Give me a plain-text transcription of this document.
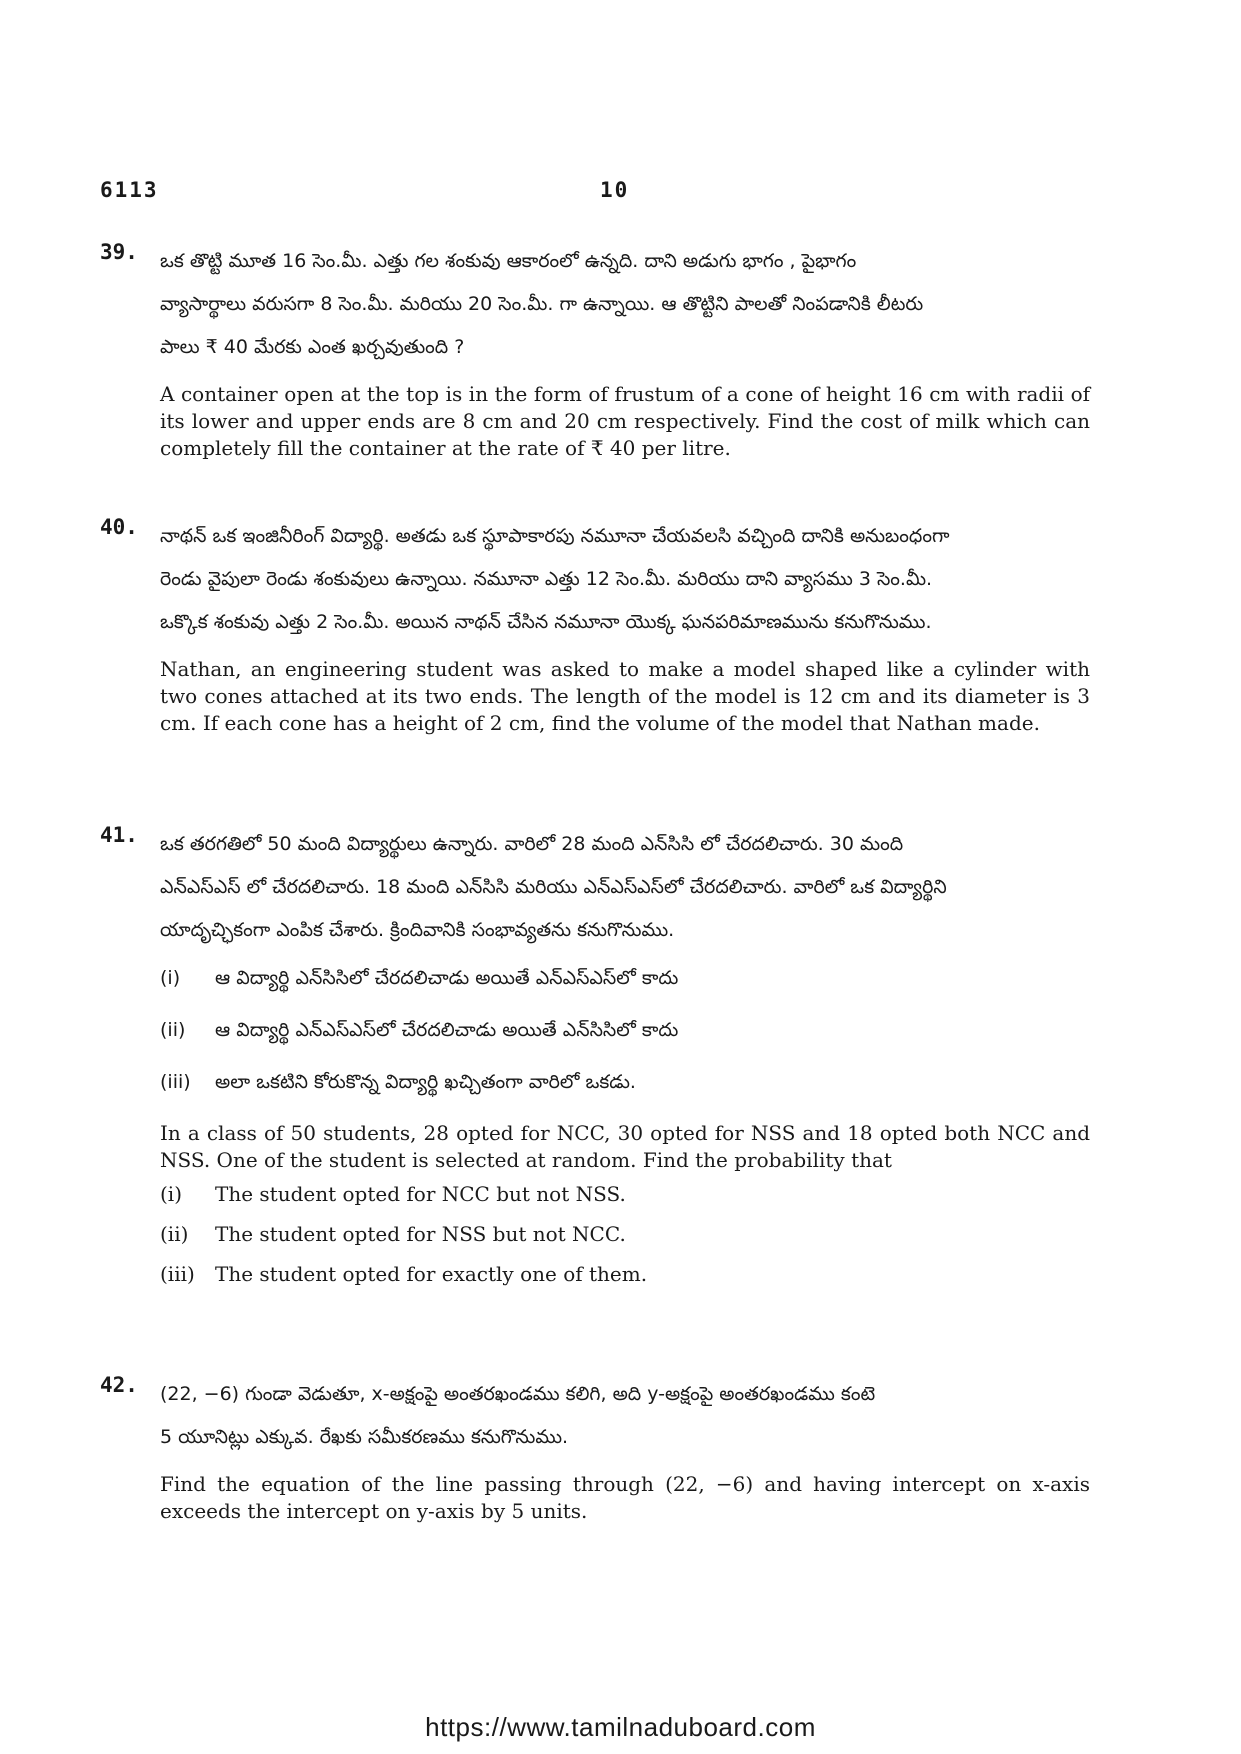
6113	10
39. ఒక తొట్టి మూత 16 సెం.మీ. ఎత్తు గల శంకువు ఆకారంలో ఉన్నది. దాని అడుగు భాగం , పైభాగం

వ్యాసార్థాలు వరుసగా 8 సెం.మీ. మరియు 20 సెం.మీ. గా ఉన్నాయి. ఆ తొట్టిని పాలతో నింపడానికి లీటరు

పాలు ₹ 40 మేరకు ఎంత ఖర్చవుతుంది ?

A container open at the top is in the form of frustum of a cone of height 16 cm with radii of its lower and upper ends are 8 cm and 20 cm respectively. Find the cost of milk which can completely fill the container at the rate of ₹ 40 per litre.

40. నాథన్ ఒక ఇంజినీరింగ్ విద్యార్థి. అతడు ఒక స్థూపాకారపు నమూనా చేయవలసి వచ్చింది దానికి అనుబంధంగా

రెండు వైపులా రెండు శంకువులు ఉన్నాయి. నమూనా ఎత్తు 12 సెం.మీ. మరియు దాని వ్యాసము 3 సెం.మీ.

ఒక్కొక శంకువు ఎత్తు 2 సెం.మీ. అయిన నాథన్ చేసిన నమూనా యొక్క ఘనపరిమాణమును కనుగొనుము.

Nathan, an engineering student was asked to make a model shaped like a cylinder with two cones attached at its two ends. The length of the model is 12 cm and its diameter is 3 cm. If each cone has a height of 2 cm, find the volume of the model that Nathan made.

41. ఒక తరగతిలో 50 మంది విద్యార్థులు ఉన్నారు. వారిలో 28 మంది ఎన్‌సిసి లో చేరదలిచారు. 30 మంది

ఎన్‌ఎస్‌ఎస్ లో చేరదలిచారు. 18 మంది ఎన్‌సిసి మరియు ఎన్‌ఎస్‌ఎస్‌లో చేరదలిచారు. వారిలో ఒక విద్యార్థిని

యాదృచ్ఛికంగా ఎంపిక చేశారు. క్రిందివానికి సంభావ్యతను కనుగొనుము.

(i)	ఆ విద్యార్థి ఎన్‌సిసిలో చేరదలిచాడు అయితే ఎన్‌ఎస్‌ఎస్‌లో కాదు
(ii)	ఆ విద్యార్థి ఎన్‌ఎస్‌ఎస్‌లో చేరదలిచాడు అయితే ఎన్‌సిసిలో కాదు
(iii)	అలా ఒకటిని కోరుకొన్న విద్యార్థి ఖచ్చితంగా వారిలో ఒకడు.

In a class of 50 students, 28 opted for NCC, 30 opted for NSS and 18 opted both NCC and NSS. One of the student is selected at random. Find the probability that

(i)	The student opted for NCC but not NSS.
(ii)	The student opted for NSS but not NCC.
(iii)	The student opted for exactly one of them.
42. (22, −6) గుండా వెడుతూ, x-అక్షంపై అంతరఖండము కలిగి, అది y-అక్షంపై అంతరఖండము కంటె

5 యూనిట్లు ఎక్కువ. రేఖకు సమీకరణము కనుగొనుము.

Find the equation of the line passing through (22, −6) and having intercept on x-axis exceeds the intercept on y-axis by 5 units.

https://www.tamilnaduboard.com
